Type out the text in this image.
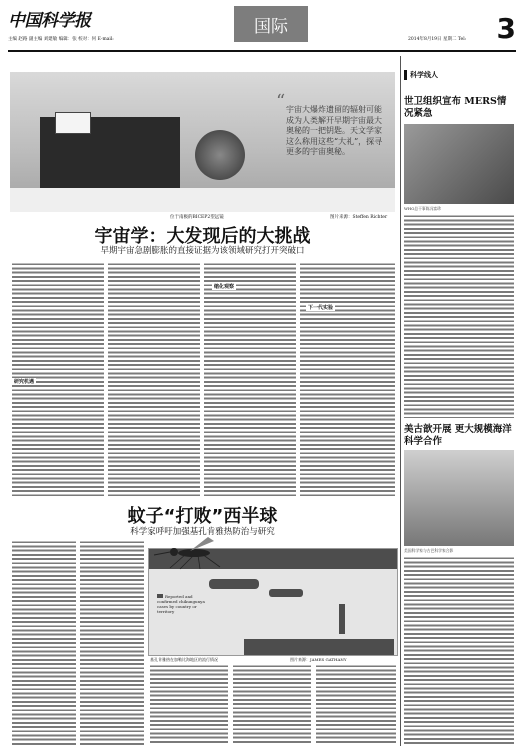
中国科学报
主编 赵路 副主编 刘建敏 编辑：张 校对：何 E-mail:
国际
2014年8月19日 星期二 Tel: 3
“ 宇宙大爆炸遗留的辐射可能成为人类解开早期宇宙最大奥秘的一把钥匙。天文学家这么称用这些“大礼”，探寻更多的宇宙奥秘。
位于南极的BICEP2望远镜	图片来源：Steffen Richter
宇宙学：大发现后的大挑战
早期宇宙急剧膨胀的直接证据为该领域研究打开突破口
研究机遇
缩化观察
下一代实验
蚊子“打败”西半球
科学家呼吁加强基孔肯雅热防治与研究
Reported and confirmed chikungunya cases by country or territory
基孔肯雅热在加勒比海地区的流行情况	图片来源：JAMES GATHANY
科学线人
世卫组织宣布 MERS情况紧急
WHO总干事陈冯富珍
美古歆开展 更大规模海洋科学合作
美国科学家与古巴科学家合影
